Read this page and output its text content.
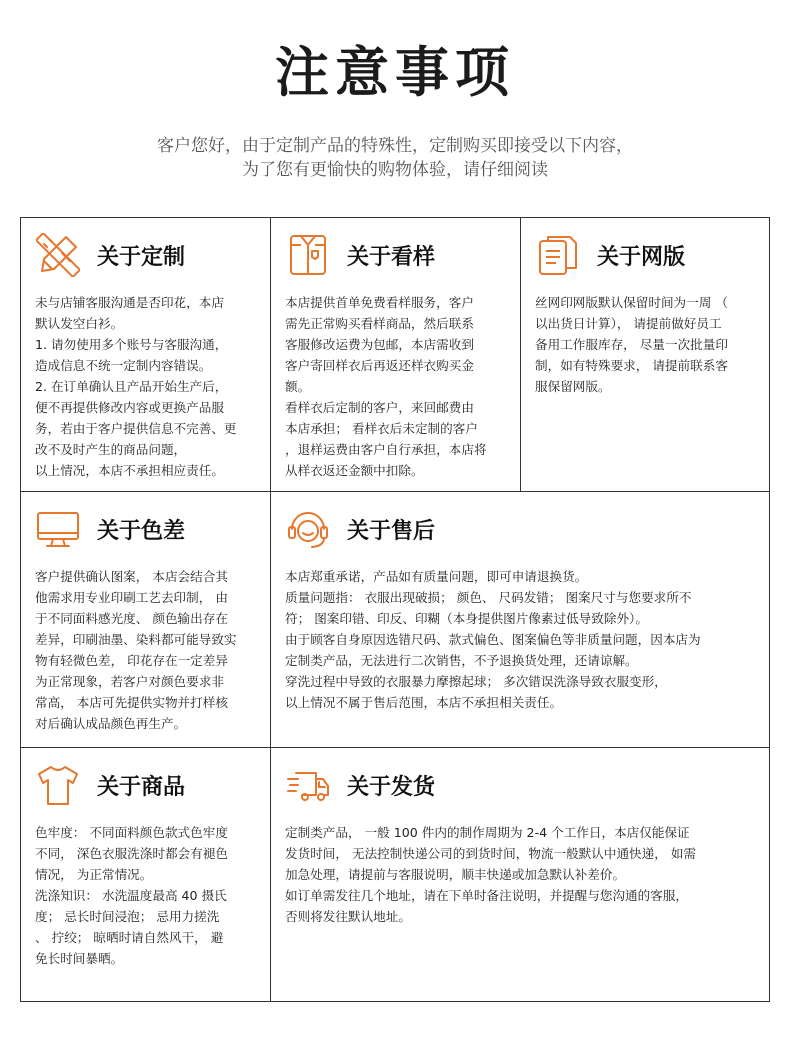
注意事项
客户您好，由于定制产品的特殊性，定制购买即接受以下内容，
为了您有更愉快的购物体验，请仔细阅读
关于定制

未与店铺客服沟通是否印花，本店

默认发空白衫。

1. 请勿使用多个账号与客服沟通，

造成信息不统一定制内容错误。

2. 在订单确认且产品开始生产后，

便不再提供修改内容或更换产品服

务，若由于客户提供信息不完善、更

改不及时产生的商品问题，

以上情况，本店不承担相应责任。

关于看样

本店提供首单免费看样服务，客户

需先正常购买看样商品，然后联系

客服修改运费为包邮，本店需收到

客户寄回样衣后再返还样衣购买金

额。

看样衣后定制的客户，来回邮费由

本店承担； 看样衣后未定制的客户

，退样运费由客户自行承担，本店将

从样衣返还金额中扣除。

关于网版

丝网印网版默认保留时间为一周 （

以出货日计算）， 请提前做好员工

备用工作服库存， 尽量一次批量印

制，如有特殊要求， 请提前联系客

服保留网版。

关于色差

客户提供确认图案， 本店会结合其

他需求用专业印刷工艺去印制， 由

于不同面料感光度、 颜色输出存在

差异，印刷油墨、染料都可能导致实

物有轻微色差， 印花存在一定差异

为正常现象，若客户对颜色要求非

常高， 本店可先提供实物并打样核

对后确认成品颜色再生产。

关于售后

本店郑重承诺，产品如有质量问题，即可申请退换货。

质量问题指： 衣服出现破损； 颜色、 尺码发错； 图案尺寸与您要求所不

符； 图案印错、印反、印糊（本身提供图片像素过低导致除外）。

由于顾客自身原因选错尺码、款式偏色、图案偏色等非质量问题，因本店为

定制类产品，无法进行二次销售，不予退换货处理，还请谅解。

穿洗过程中导致的衣服暴力摩擦起球； 多次错误洗涤导致衣服变形，

以上情况不属于售后范围，本店不承担相关责任。

关于商品

色牢度： 不同面料颜色款式色牢度

不同， 深色衣服洗涤时都会有褪色

情况， 为正常情况。

洗涤知识： 水洗温度最高 40 摄氏

度； 忌长时间浸泡； 忌用力搓洗

、 拧绞； 晾晒时请自然风干， 避

免长时间暴晒。

关于发货

定制类产品， 一般 100 件内的制作周期为 2-4 个工作日，本店仅能保证

发货时间， 无法控制快递公司的到货时间，物流一般默认中通快递， 如需

加急处理，请提前与客服说明，顺丰快递或加急默认补差价。

如订单需发往几个地址，请在下单时备注说明，并提醒与您沟通的客服，

否则将发往默认地址。
